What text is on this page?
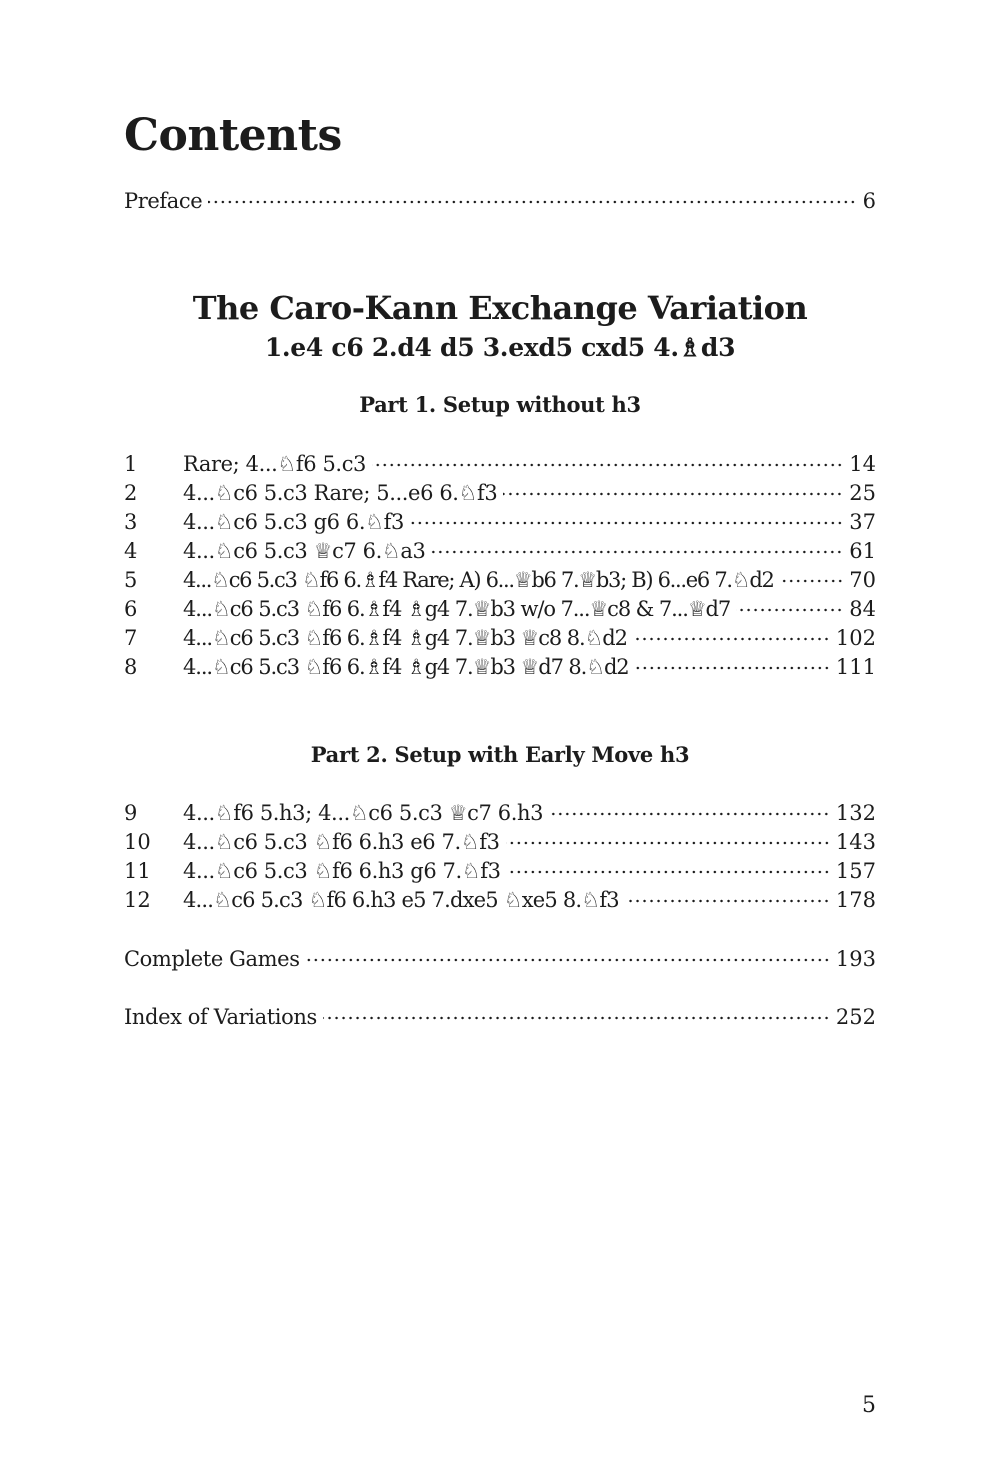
Contents
Preface	6
The Caro-Kann Exchange Variation
1.e4 c6 2.d4 d5 3.exd5 cxd5 4.♗d3
Part 1. Setup without h3
1	Rare; 4...♘f6 5.c3	14
2	4...♘c6 5.c3 Rare; 5...e6 6.♘f3	25
3	4...♘c6 5.c3 g6 6.♘f3	37
4	4...♘c6 5.c3 ♕c7 6.♘a3	61
5	4...♘c6 5.c3 ♘f6 6.♗f4 Rare; A) 6...♕b6 7.♕b3; B) 6...e6 7.♘d2	70
6	4...♘c6 5.c3 ♘f6 6.♗f4 ♗g4 7.♕b3 w/o 7...♕c8 & 7...♕d7	84
7	4...♘c6 5.c3 ♘f6 6.♗f4 ♗g4 7.♕b3 ♕c8 8.♘d2	102
8	4...♘c6 5.c3 ♘f6 6.♗f4 ♗g4 7.♕b3 ♕d7 8.♘d2	111
Part 2. Setup with Early Move h3
9	4...♘f6 5.h3; 4...♘c6 5.c3 ♕c7 6.h3	132
10	4...♘c6 5.c3 ♘f6 6.h3 e6 7.♘f3	143
11	4...♘c6 5.c3 ♘f6 6.h3 g6 7.♘f3	157
12	4...♘c6 5.c3 ♘f6 6.h3 e5 7.dxe5 ♘xe5 8.♘f3	178
Complete Games	193
Index of Variations	252
5
